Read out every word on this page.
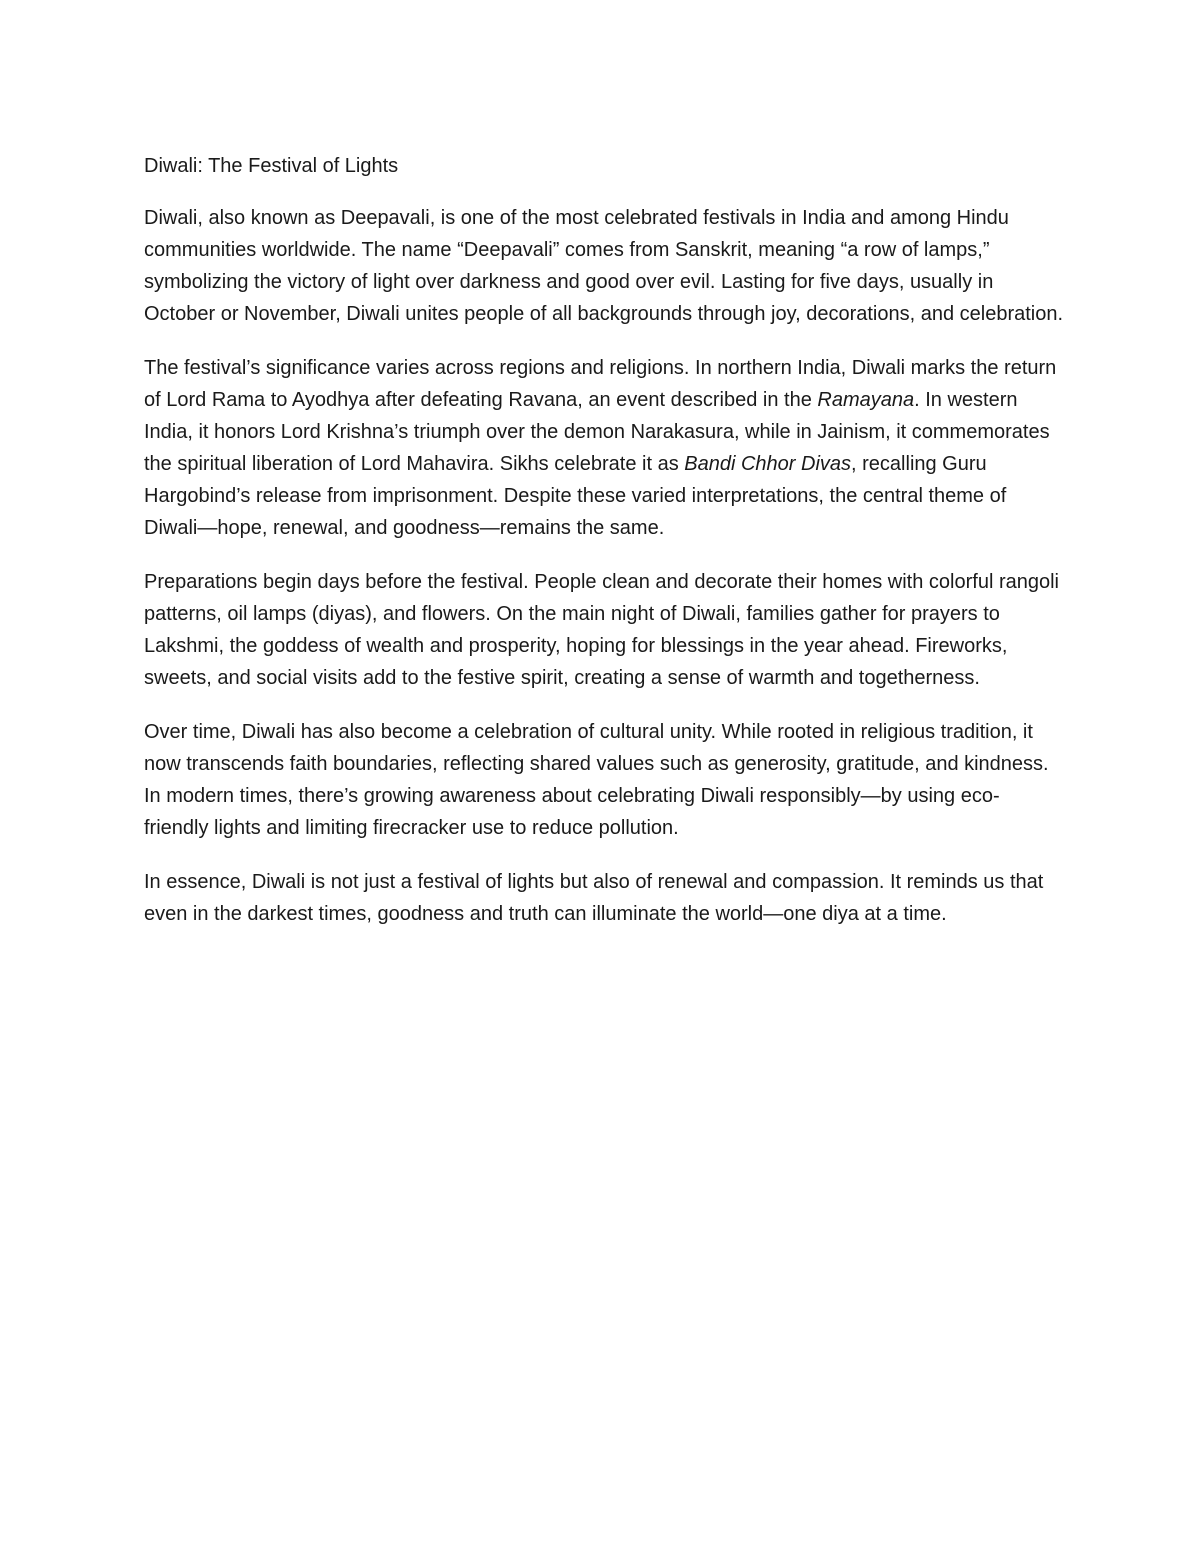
Diwali: The Festival of Lights

Diwali, also known as Deepavali, is one of the most celebrated festivals in India and among Hindu communities worldwide. The name “Deepavali” comes from Sanskrit, meaning “a row of lamps,” symbolizing the victory of light over darkness and good over evil. Lasting for five days, usually in October or November, Diwali unites people of all backgrounds through joy, decorations, and celebration.

The festival’s significance varies across regions and religions. In northern India, Diwali marks the return of Lord Rama to Ayodhya after defeating Ravana, an event described in the Ramayana. In western India, it honors Lord Krishna’s triumph over the demon Narakasura, while in Jainism, it commemorates the spiritual liberation of Lord Mahavira. Sikhs celebrate it as Bandi Chhor Divas, recalling Guru Hargobind’s release from imprisonment. Despite these varied interpretations, the central theme of Diwali—hope, renewal, and goodness—remains the same.

Preparations begin days before the festival. People clean and decorate their homes with colorful rangoli patterns, oil lamps (diyas), and flowers. On the main night of Diwali, families gather for prayers to Lakshmi, the goddess of wealth and prosperity, hoping for blessings in the year ahead. Fireworks, sweets, and social visits add to the festive spirit, creating a sense of warmth and togetherness.

Over time, Diwali has also become a celebration of cultural unity. While rooted in religious tradition, it now transcends faith boundaries, reflecting shared values such as generosity, gratitude, and kindness. In modern times, there’s growing awareness about celebrating Diwali responsibly—by using eco-friendly lights and limiting firecracker use to reduce pollution.

In essence, Diwali is not just a festival of lights but also of renewal and compassion. It reminds us that even in the darkest times, goodness and truth can illuminate the world—one diya at a time.
